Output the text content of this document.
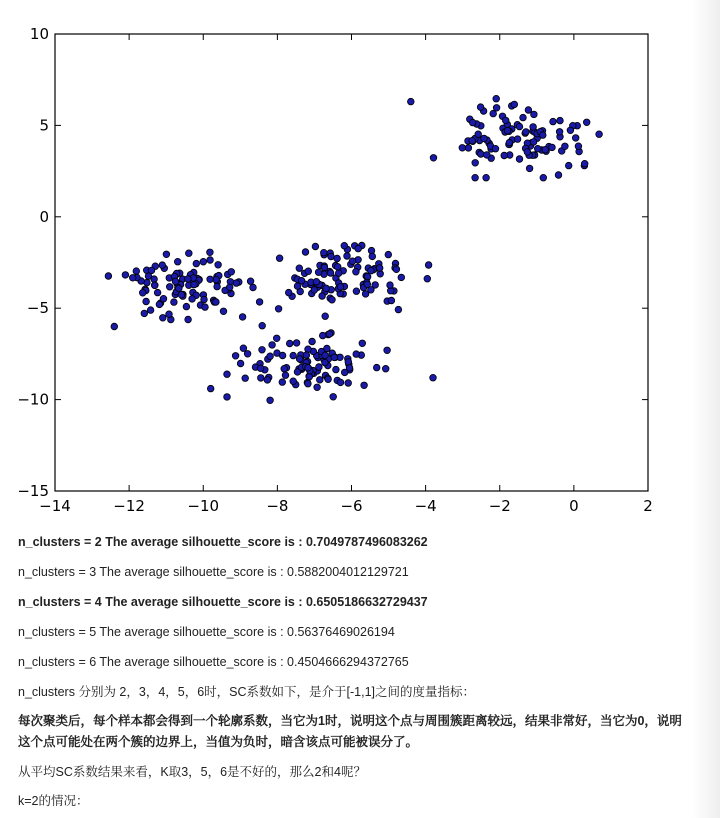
−14	−12	−10	−8	−6	−4	−2	0	2
−15
−10
−5
0
5
10
n_clusters = 2 The average silhouette_score is : 0.7049787496083262
n_clusters = 3 The average silhouette_score is : 0.5882004012129721
n_clusters = 4 The average silhouette_score is : 0.6505186632729437
n_clusters = 5 The average silhouette_score is : 0.56376469026194
n_clusters = 6 The average silhouette_score is : 0.4504666294372765
n_clusters 分别为 2，3，4，5，6时，SC系数如下，是介于[-1,1]之间的度量指标：
每次聚类后，每个样本都会得到一个轮廓系数，当它为1时，说明这个点与周围簇距离较远，结果非常好，当它为0，说明这个点可能处在两个簇的边界上，当值为负时，暗含该点可能被误分了。
从平均SC系数结果来看，K取3，5，6是不好的，那么2和4呢？
k=2的情况：
